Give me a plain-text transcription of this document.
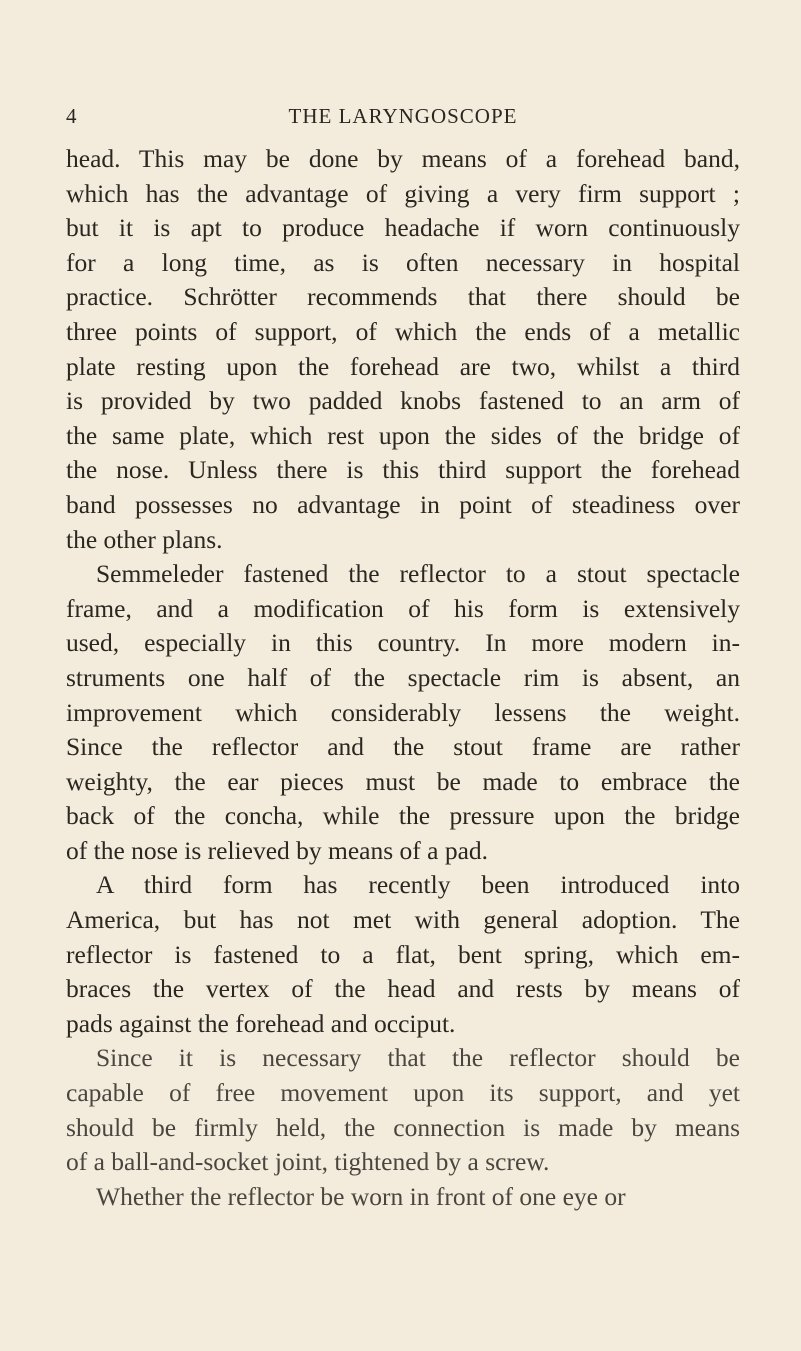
4	THE LARYNGOSCOPE
head. This may be done by means of a forehead band,
which has the advantage of giving a very firm support ;
but it is apt to produce headache if worn continuously
for a long time, as is often necessary in hospital
practice. Schrötter recommends that there should be
three points of support, of which the ends of a metallic
plate resting upon the forehead are two, whilst a third
is provided by two padded knobs fastened to an arm of
the same plate, which rest upon the sides of the bridge of
the nose. Unless there is this third support the forehead
band possesses no advantage in point of steadiness over
the other plans.
Semmeleder fastened the reflector to a stout spectacle
frame, and a modification of his form is extensively
used, especially in this country. In more modern in-
struments one half of the spectacle rim is absent, an
improvement which considerably lessens the weight.
Since the reflector and the stout frame are rather
weighty, the ear pieces must be made to embrace the
back of the concha, while the pressure upon the bridge
of the nose is relieved by means of a pad.
A third form has recently been introduced into
America, but has not met with general adoption. The
reflector is fastened to a flat, bent spring, which em-
braces the vertex of the head and rests by means of
pads against the forehead and occiput.
Since it is necessary that the reflector should be
capable of free movement upon its support, and yet
should be firmly held, the connection is made by means
of a ball-and-socket joint, tightened by a screw.
Whether the reflector be worn in front of one eye or
